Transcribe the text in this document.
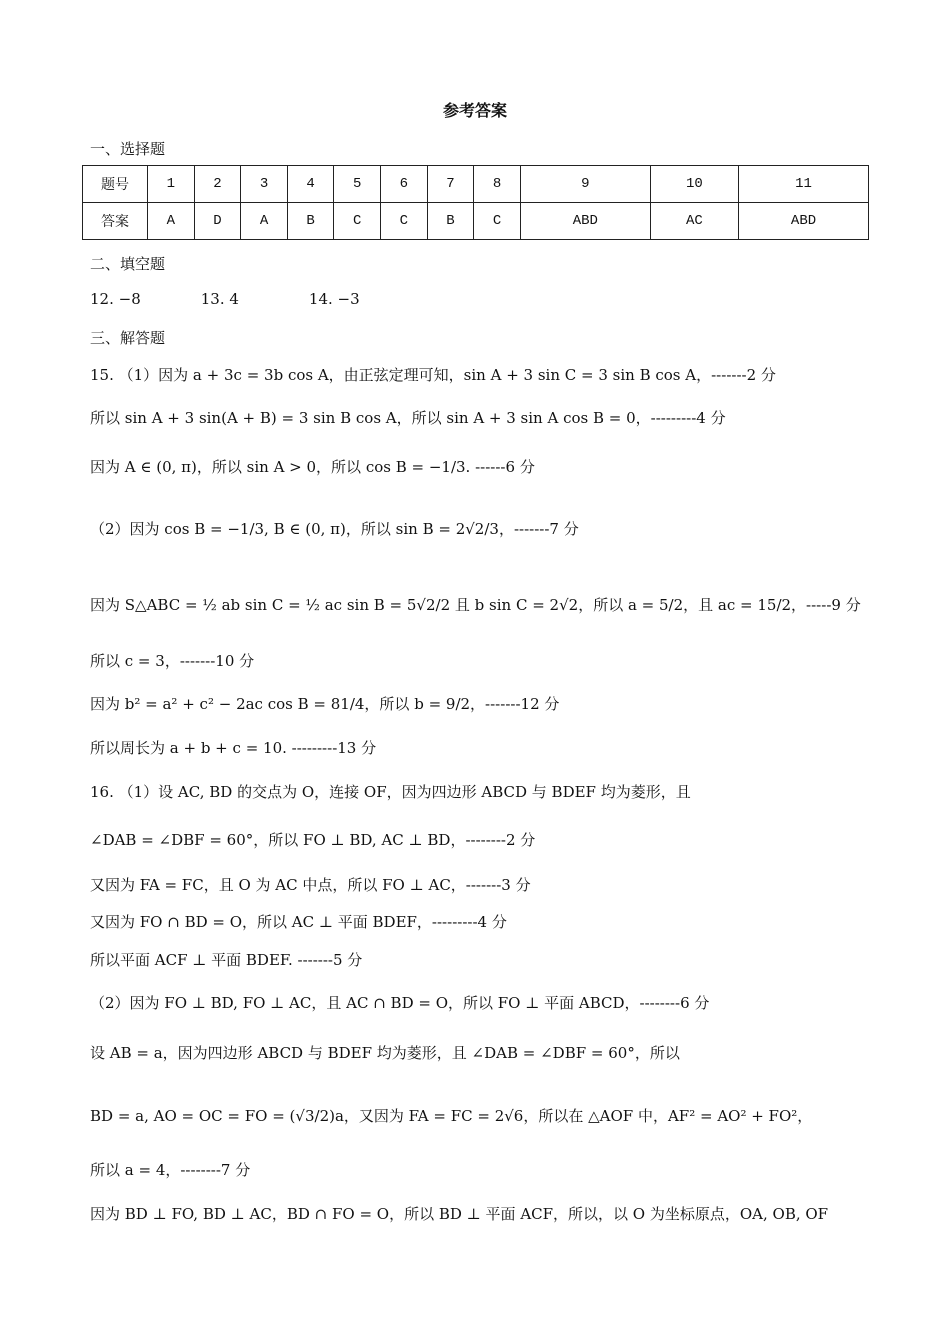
参考答案
一、选择题
题号	1	2	3	4	5	6	7	8	9	10	11
答案	A	D	A	B	C	C	B	C	ABD	AC	ABD
二、填空题
12. −8	13. 4	14. −3
三、解答题
15. （1）因为 a + 3c = 3b cos A，由正弦定理可知，sin A + 3 sin C = 3 sin B cos A，-------2 分
所以 sin A + 3 sin(A + B) = 3 sin B cos A，所以 sin A + 3 sin A cos B = 0，---------4 分
因为 A ∈ (0, π)，所以 sin A > 0，所以 cos B = −1/3. ------6 分
（2）因为 cos B = −1/3, B ∈ (0, π)，所以 sin B = 2√2/3，-------7 分
因为 S△ABC = ½ ab sin C = ½ ac sin B = 5√2/2 且 b sin C = 2√2，所以 a = 5/2，且 ac = 15/2，-----9 分
所以 c = 3，-------10 分
因为 b² = a² + c² − 2ac cos B = 81/4，所以 b = 9/2，-------12 分
所以周长为 a + b + c = 10. ---------13 分
16. （1）设 AC, BD 的交点为 O，连接 OF，因为四边形 ABCD 与 BDEF 均为菱形，且
∠DAB = ∠DBF = 60°，所以 FO ⊥ BD, AC ⊥ BD，--------2 分
又因为 FA = FC，且 O 为 AC 中点，所以 FO ⊥ AC，-------3 分
又因为 FO ∩ BD = O，所以 AC ⊥ 平面 BDEF，---------4 分
所以平面 ACF ⊥ 平面 BDEF. -------5 分
（2）因为 FO ⊥ BD, FO ⊥ AC，且 AC ∩ BD = O，所以 FO ⊥ 平面 ABCD，--------6 分
设 AB = a，因为四边形 ABCD 与 BDEF 均为菱形，且 ∠DAB = ∠DBF = 60°，所以
BD = a, AO = OC = FO = (√3/2)a，又因为 FA = FC = 2√6，所以在 △AOF 中，AF² = AO² + FO²，
所以 a = 4，--------7 分
因为 BD ⊥ FO, BD ⊥ AC，BD ∩ FO = O，所以 BD ⊥ 平面 ACF，所以，以 O 为坐标原点，OA, OB, OF
